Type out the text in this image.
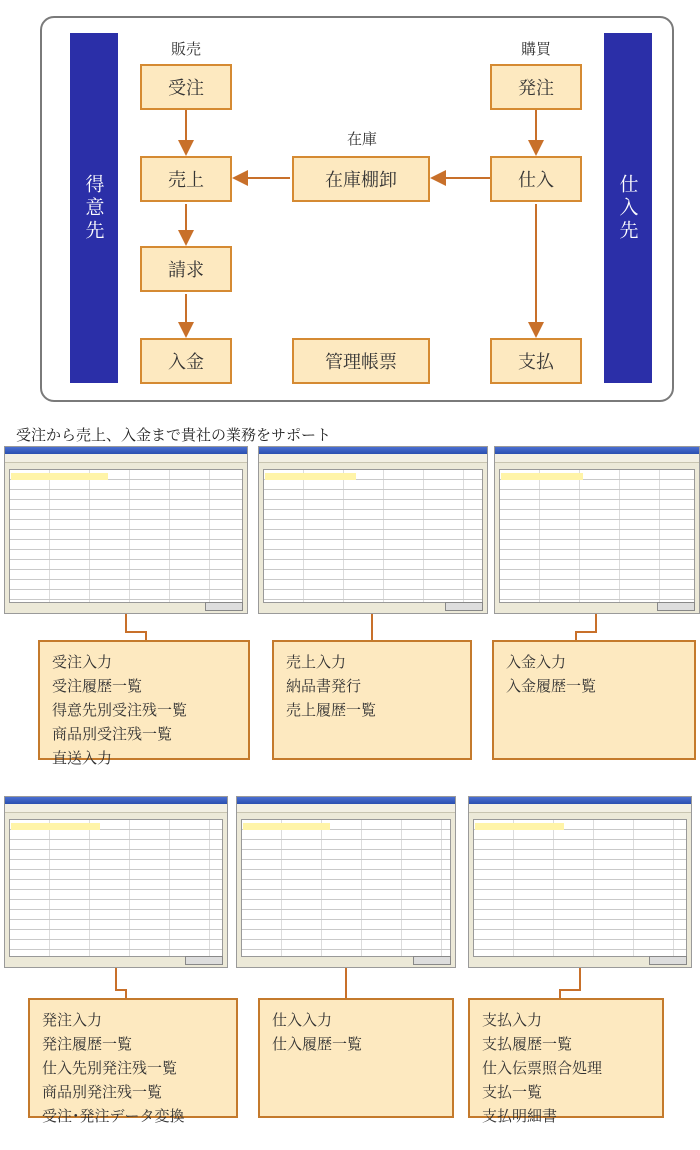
得意先	仕入先
販売	購買
在庫
受注
売上
請求
入金
在庫棚卸
管理帳票
発注
仕入
支払
受注から売上、入金まで貴社の業務をサポート
受注入力
受注履歴一覧
得意先別受注残一覧
商品別受注残一覧
直送入力
売上入力
納品書発行
売上履歴一覧
入金入力
入金履歴一覧
発注入力
発注履歴一覧
仕入先別発注残一覧
商品別発注残一覧
受注･発注データ変換
仕入入力
仕入履歴一覧
支払入力
支払履歴一覧
仕入伝票照合処理
支払一覧
支払明細書
